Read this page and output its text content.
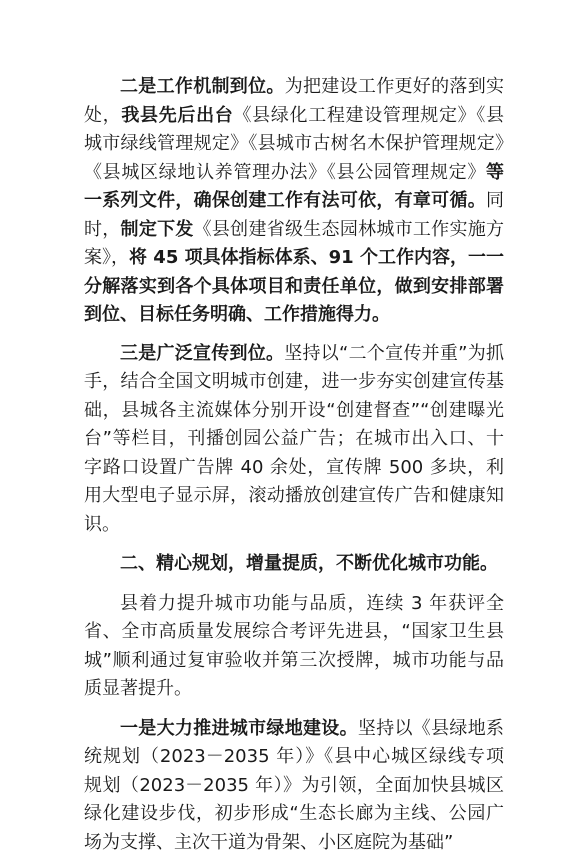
二是工作机制到位。为把建设工作更好的落到实处，我县先后出台《县绿化工程建设管理规定》《县城市绿线管理规定》《县城市古树名木保护管理规定》《县城区绿地认养管理办法》《县公园管理规定》等一系列文件，确保创建工作有法可依，有章可循。同时，制定下发《县创建省级生态园林城市工作实施方案》，将 45 项具体指标体系、91 个工作内容，一一分解落实到各个具体项目和责任单位，做到安排部署到位、目标任务明确、工作措施得力。

三是广泛宣传到位。坚持以“二个宣传并重”为抓手，结合全国文明城市创建，进一步夯实创建宣传基础，县城各主流媒体分别开设“创建督查”“创建曝光台”等栏目，刊播创园公益广告；在城市出入口、十字路口设置广告牌 40 余处，宣传牌 500 多块，利用大型电子显示屏，滚动播放创建宣传广告和健康知识。

二、精心规划，增量提质，不断优化城市功能。

县着力提升城市功能与品质，连续 3 年获评全省、全市高质量发展综合考评先进县，“国家卫生县城”顺利通过复审验收并第三次授牌，城市功能与品质显著提升。

一是大力推进城市绿地建设。坚持以《县绿地系统规划（2023－2035 年）》《县中心城区绿线专项规划（2023－2035 年）》为引领，全面加快县城区绿化建设步伐，初步形成“生态长廊为主线、公园广场为支撑、主次干道为骨架、小区庭院为基础”
